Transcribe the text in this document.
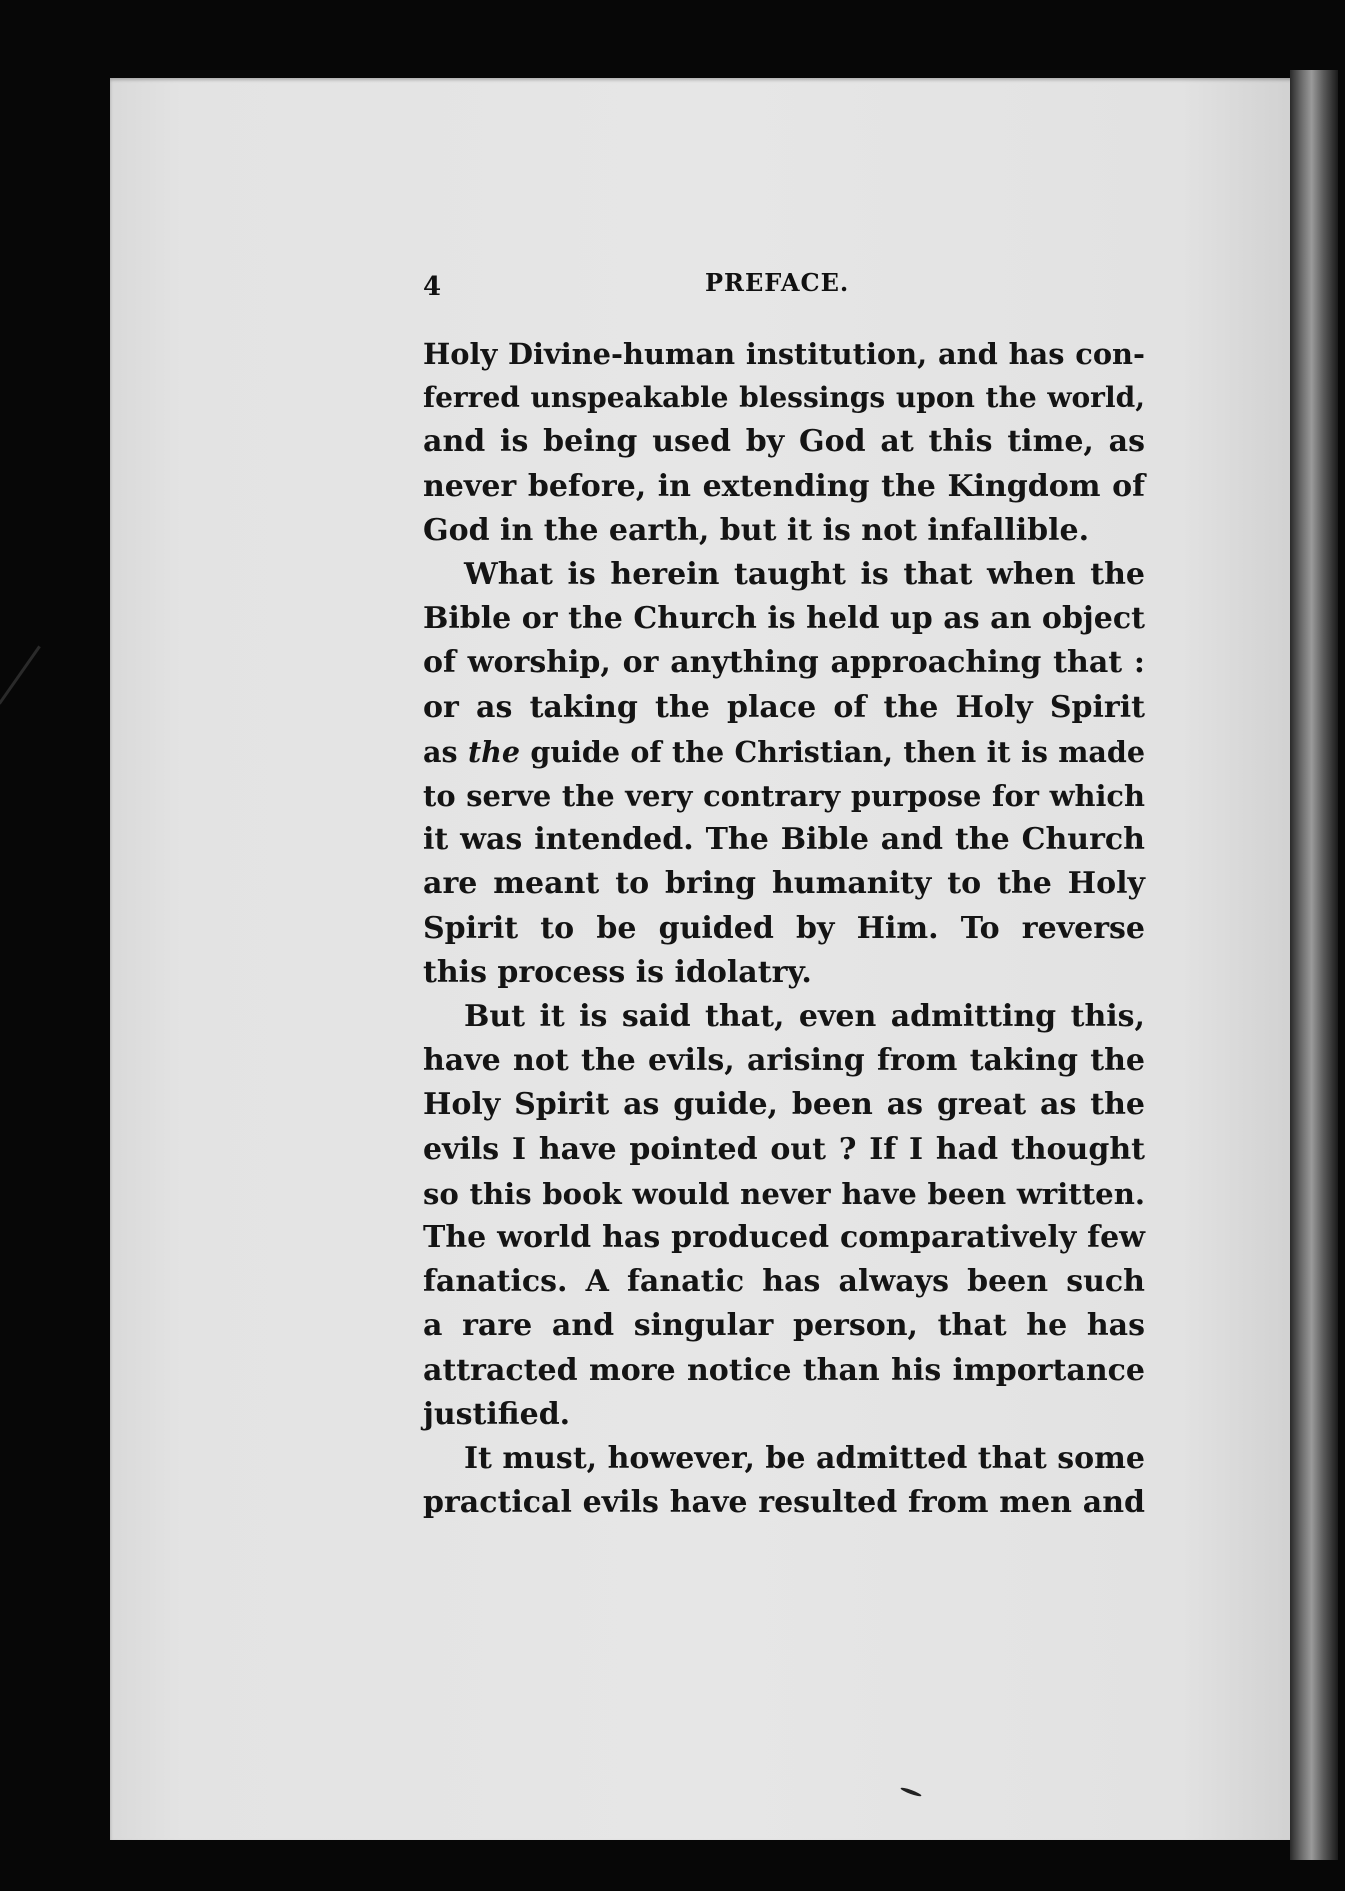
4	PREFACE.
Holy Divine-human institution, and has con-
ferred unspeakable blessings upon the world,
and is being used by God at this time, as
never before, in extending the Kingdom of
God in the earth, but it is not infallible.
What is herein taught is that when the
Bible or the Church is held up as an object
of worship, or anything approaching that :
or as taking the place of the Holy Spirit
as the guide of the Christian, then it is made
to serve the very contrary purpose for which
it was intended. The Bible and the Church
are meant to bring humanity to the Holy
Spirit to be guided by Him. To reverse
this process is idolatry.
But it is said that, even admitting this,
have not the evils, arising from taking the
Holy Spirit as guide, been as great as the
evils I have pointed out ? If I had thought
so this book would never have been written.
The world has produced comparatively few
fanatics. A fanatic has always been such
a rare and singular person, that he has
attracted more notice than his importance
justified.
It must, however, be admitted that some
practical evils have resulted from men and
